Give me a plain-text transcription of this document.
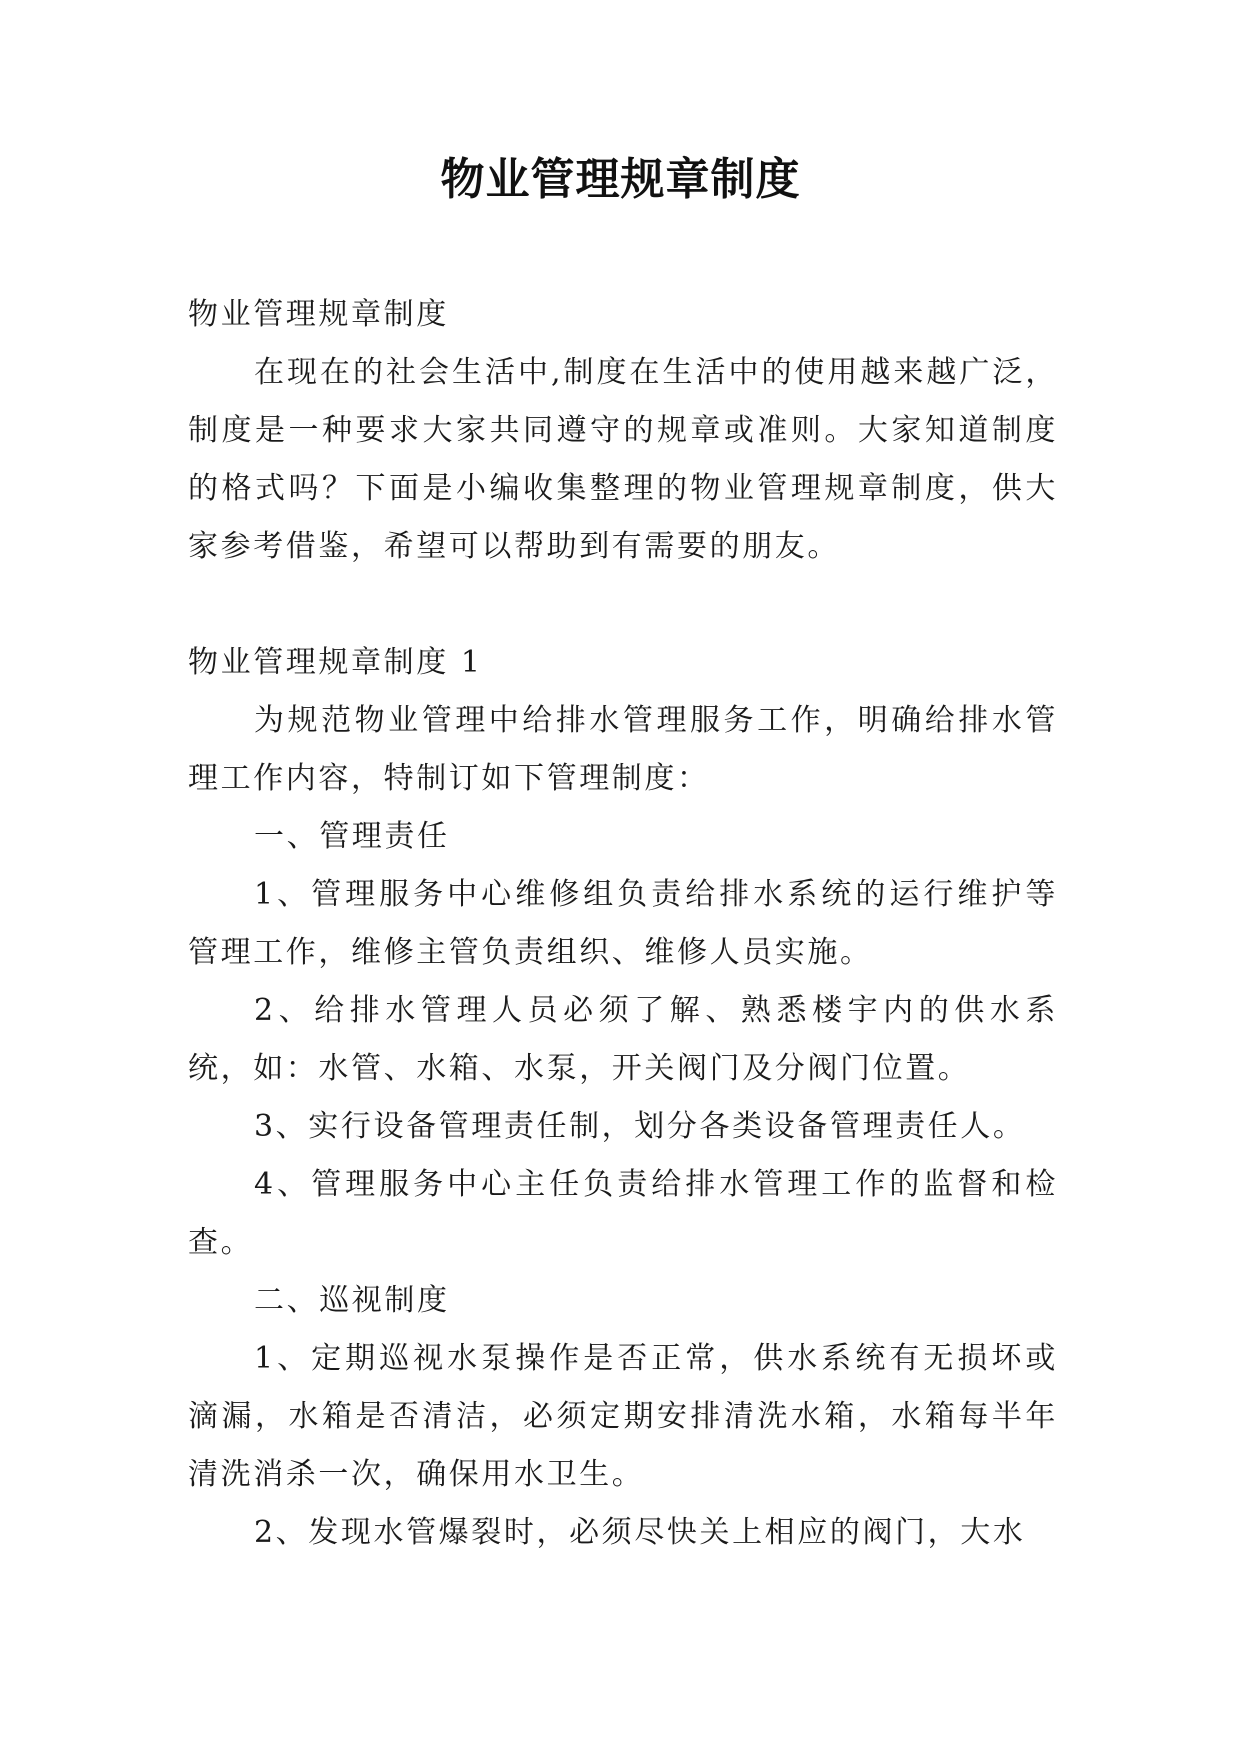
物业管理规章制度

物业管理规章制度

在现在的社会生活中,制度在生活中的使用越来越广泛，制度是一种要求大家共同遵守的规章或准则。大家知道制度的格式吗？下面是小编收集整理的物业管理规章制度，供大家参考借鉴，希望可以帮助到有需要的朋友。

物业管理规章制度 1

为规范物业管理中给排水管理服务工作，明确给排水管理工作内容，特制订如下管理制度：

一、管理责任

1、管理服务中心维修组负责给排水系统的运行维护等管理工作，维修主管负责组织、维修人员实施。

2、给排水管理人员必须了解、熟悉楼宇内的供水系统，如：水管、水箱、水泵，开关阀门及分阀门位置。

3、实行设备管理责任制，划分各类设备管理责任人。

4、管理服务中心主任负责给排水管理工作的监督和检查。

二、巡视制度

1、定期巡视水泵操作是否正常，供水系统有无损坏或滴漏，水箱是否清洁，必须定期安排清洗水箱，水箱每半年清洗消杀一次，确保用水卫生。

2、发现水管爆裂时，必须尽快关上相应的阀门，大水
